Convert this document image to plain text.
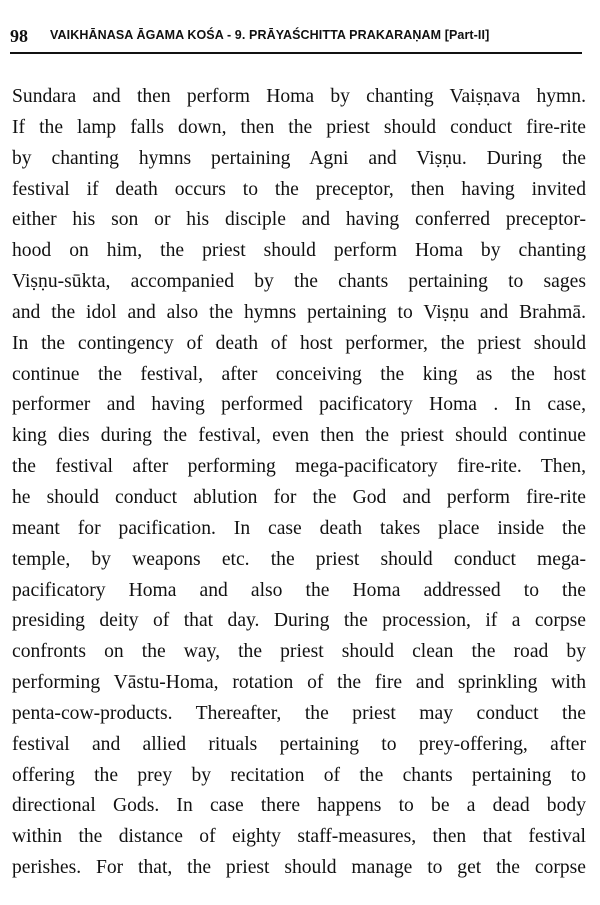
98 VAIKHĀNASA ĀGAMA KOŚA - 9. PRĀYAŚCHITTA PRAKARAṆAM [Part-II]
Sundara and then perform Homa by chanting Vaiṣṇava hymn.
If the lamp falls down, then the priest should conduct fire-rite
by chanting hymns pertaining Agni and Viṣṇu. During the
festival if death occurs to the preceptor, then having invited
either his son or his disciple and having conferred preceptor-
hood on him, the priest should perform Homa by chanting
Viṣṇu-sūkta, accompanied by the chants pertaining to sages
and the idol and also the hymns pertaining to Viṣṇu and Brahmā.
In the contingency of death of host performer, the priest should
continue the festival, after conceiving the king as the host
performer and having performed pacificatory Homa . In case,
king dies during the festival, even then the priest should continue
the festival after performing mega-pacificatory fire-rite. Then,
he should conduct ablution for the God and perform fire-rite
meant for pacification. In case death takes place inside the
temple, by weapons etc. the priest should conduct mega-
pacificatory Homa and also the Homa addressed to the
presiding deity of that day. During the procession, if a corpse
confronts on the way, the priest should clean the road by
performing Vāstu-Homa, rotation of the fire and sprinkling with
penta-cow-products. Thereafter, the priest may conduct the
festival and allied rituals pertaining to prey-offering, after
offering the prey by recitation of the chants pertaining to
directional Gods. In case there happens to be a dead body
within the distance of eighty staff-measures, then that festival
perishes. For that, the priest should manage to get the corpse
